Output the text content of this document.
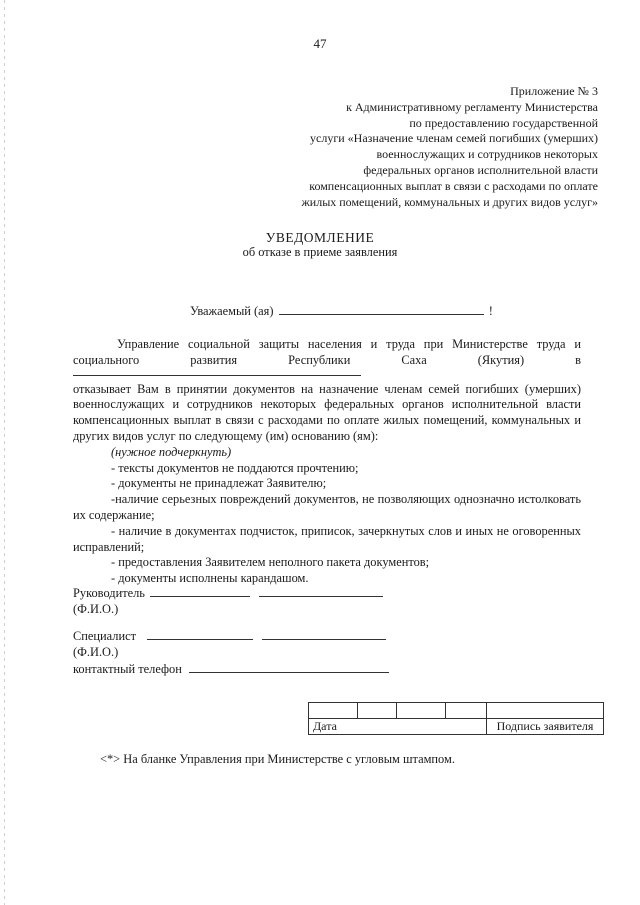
47
Приложение № 3
к Административному регламенту Министерства
по предоставлению государственной
услуги «Назначение членам семей погибших (умерших)
военнослужащих и сотрудников некоторых
федеральных органов исполнительной власти
компенсационных выплат в связи с расходами по оплате
жилых помещений, коммунальных и других видов услуг»
УВЕДОМЛЕНИЕ
об отказе в приеме заявления
Уважаемый (ая)	!

Управление социальной защиты населения и труда при Министерстве труда и

социального развития Республики Саха (Якутия) в

отказывает Вам в принятии документов на назначение членам семей погибших (умерших) военнослужащих и сотрудников некоторых федеральных органов исполнительной власти компенсационных выплат в связи с расходами по оплате жилых помещений, коммунальных и других видов услуг по следующему (им) основанию (ям):

(нужное подчеркнуть)

- тексты документов не поддаются прочтению;

- документы не принадлежат Заявителю;

-наличие серьезных повреждений документов, не позволяющих однозначно истолковать их содержание;

- наличие в документах подчисток, приписок, зачеркнутых слов и иных не оговоренных исправлений;

- предоставления Заявителем неполного пакета документов;

- документы исполнены карандашом.

Руководитель
(Ф.И.О.)
Специалист
(Ф.И.О.)
контактный телефон

Дата				Подпись заявителя
<*> На бланке Управления при Министерстве с угловым штампом.
